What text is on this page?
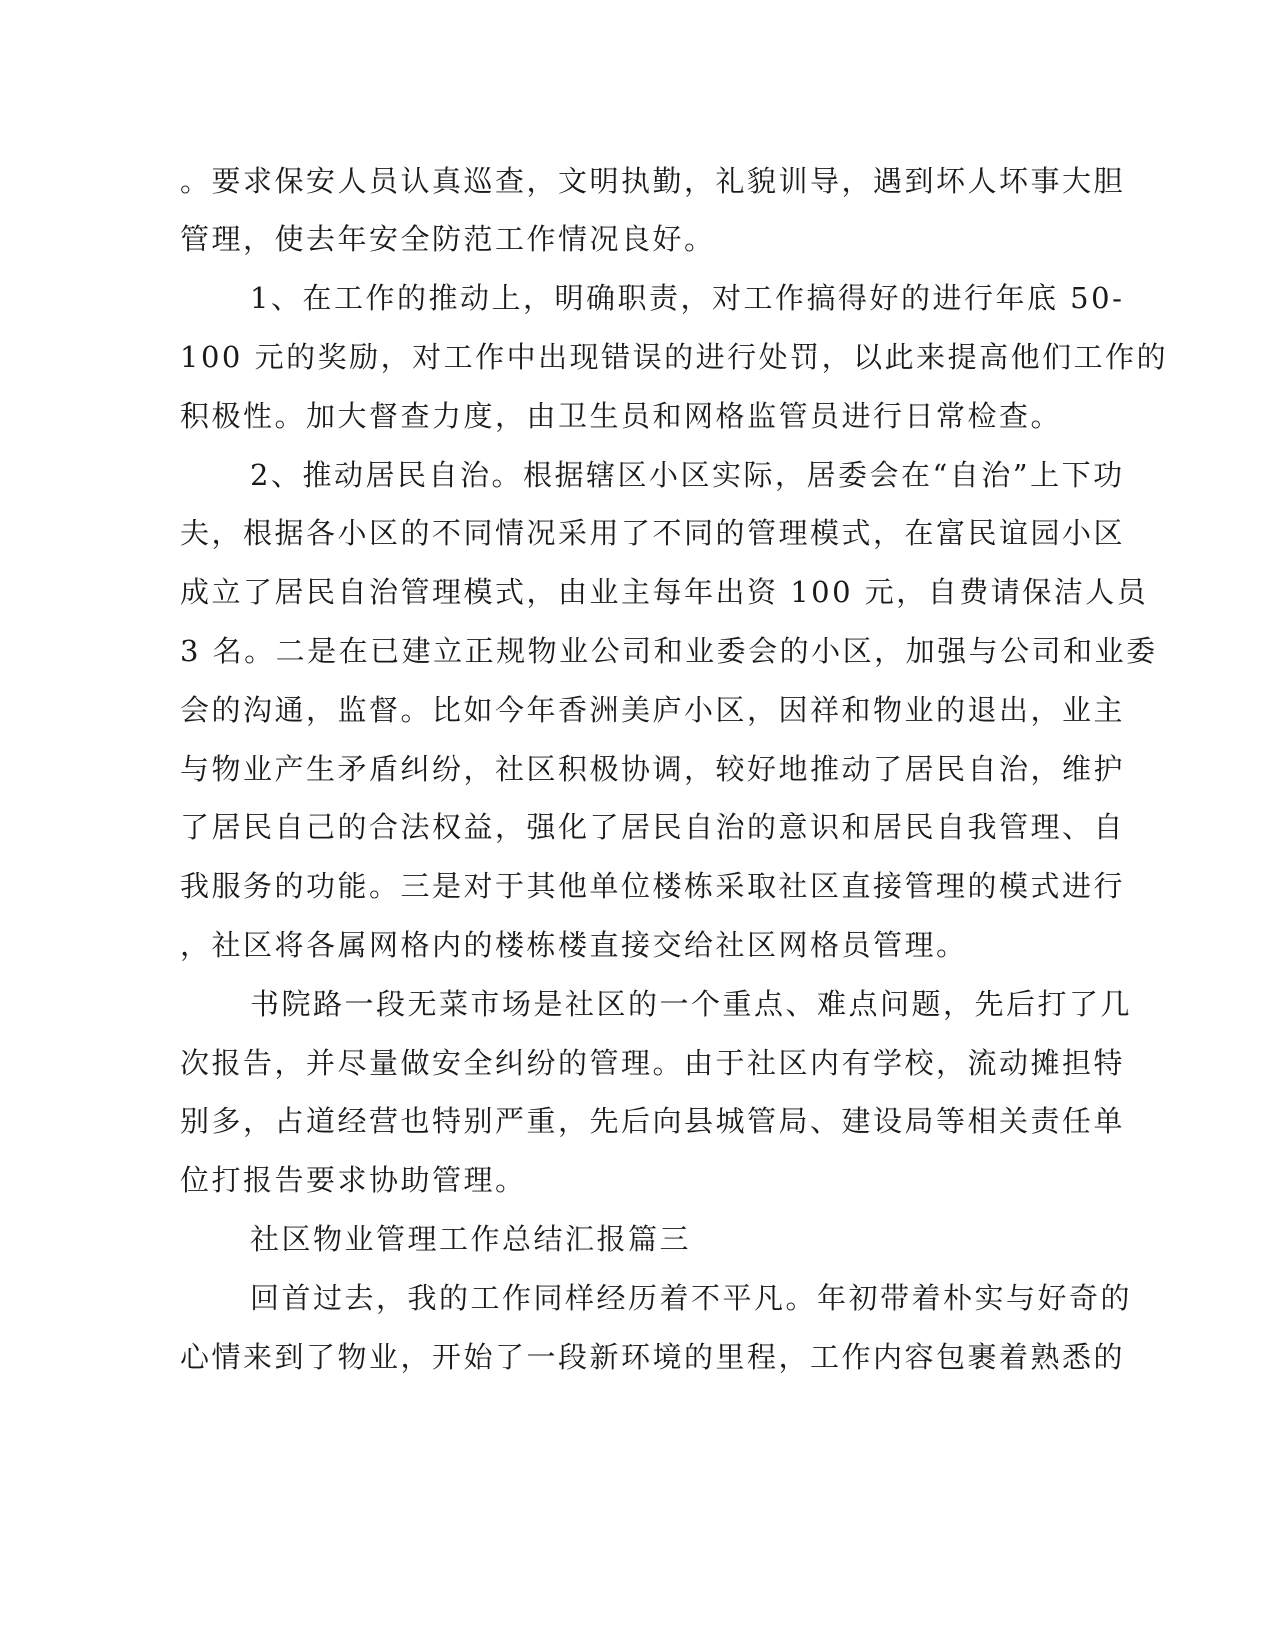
。要求保安人员认真巡查，文明执勤，礼貌训导，遇到坏人坏事大胆
管理，使去年安全防范工作情况良好。
1、在工作的推动上，明确职责，对工作搞得好的进行年底 50-
100 元的奖励，对工作中出现错误的进行处罚，以此来提高他们工作的
积极性。加大督查力度，由卫生员和网格监管员进行日常检查。
2、推动居民自治。根据辖区小区实际，居委会在“自治”上下功
夫，根据各小区的不同情况采用了不同的管理模式，在富民谊园小区
成立了居民自治管理模式，由业主每年出资 100 元，自费请保洁人员
3 名。二是在已建立正规物业公司和业委会的小区，加强与公司和业委
会的沟通，监督。比如今年香洲美庐小区，因祥和物业的退出，业主
与物业产生矛盾纠纷，社区积极协调，较好地推动了居民自治，维护
了居民自己的合法权益，强化了居民自治的意识和居民自我管理、自
我服务的功能。三是对于其他单位楼栋采取社区直接管理的模式进行
，社区将各属网格内的楼栋楼直接交给社区网格员管理。
书院路一段无菜市场是社区的一个重点、难点问题，先后打了几
次报告，并尽量做安全纠纷的管理。由于社区内有学校，流动摊担特
别多，占道经营也特别严重，先后向县城管局、建设局等相关责任单
位打报告要求协助管理。
社区物业管理工作总结汇报篇三
回首过去，我的工作同样经历着不平凡。年初带着朴实与好奇的
心情来到了物业，开始了一段新环境的里程，工作内容包裹着熟悉的
